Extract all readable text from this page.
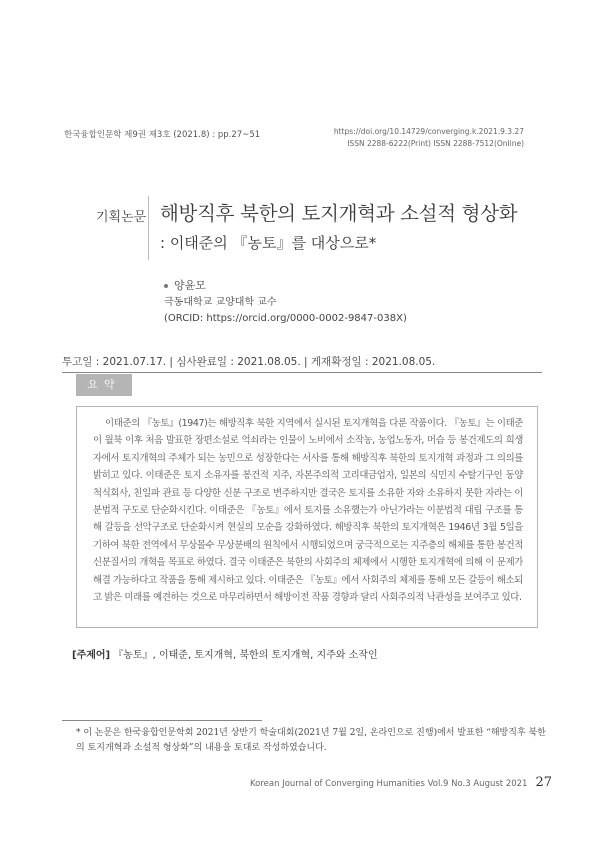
한국융합인문학 제9권 제3호 (2021.8) : pp.27~51	https://doi.org/10.14729/converging.k.2021.9.3.27
ISSN 2288-6222(Print) ISSN 2288-7512(Online)
기획논문 해방직후 북한의 토지개혁과 소설적 형상화
: 이태준의 『농토』를 대상으로*
양윤모
극동대학교 교양대학 교수
(ORCID: https://orcid.org/0000-0002-9847-038X)
투고일 : 2021.07.17. | 심사완료일 : 2021.08.05. | 게재확정일 : 2021.08.05.
요약
이태준의 『농토』(1947)는 해방직후 북한 지역에서 실시된 토지개혁을 다룬 작품이다. 『농토』는 이태준이 월북 이후 처음 발표한 장편소설로 억쇠라는 인물이 노비에서 소작농, 농업노동자, 머슴 등 봉건제도의 희생자에서 토지개혁의 주체가 되는 농민으로 성장한다는 서사를 통해 해방직후 북한의 토지개혁 과정과 그 의의를 밝히고 있다. 이태준은 토지 소유자를 봉건적 지주, 자본주의적 고리대금업자, 일본의 식민지 수탈기구인 동양척식회사, 친일파 관료 등 다양한 신분 구조로 변주하지만 결국은 토지를 소유한 자와 소유하지 못한 자라는 이분법적 구도로 단순화시킨다. 이태준은 『농토』에서 토지를 소유했는가 아닌가라는 이분법적 대립 구조를 통해 갈등을 선악구조로 단순화시켜 현실의 모순을 강화하였다. 해방직후 북한의 토지개혁은 1946년 3월 5일을 기하여 북한 전역에서 무상몰수 무상분배의 원칙에서 시행되었으며 궁극적으로는 지주층의 해체를 통한 봉건적 신분질서의 개혁을 목표로 하였다. 결국 이태준은 북한의 사회주의 체제에서 시행한 토지개혁에 의해 이 문제가 해결 가능하다고 작품을 통해 제시하고 있다. 이태준은 『농토』에서 사회주의 체제를 통해 모든 갈등이 해소되고 밝은 미래를 예견하는 것으로 마무리하면서 해방이전 작품 경향과 달리 사회주의적 낙관성을 보여주고 있다.
[주제어] 『농토』, 이태준, 토지개혁, 북한의 토지개혁, 지주와 소작인
* 이 논문은 한국융합인문학회 2021년 상반기 학술대회(2021년 7월 2일, 온라인으로 진행)에서 발표한 “해방직후 북한의 토지개혁과 소설적 형상화”의 내용을 토대로 작성하였습니다.
Korean Journal of Converging Humanities Vol.9 No.3 August 2021 27
